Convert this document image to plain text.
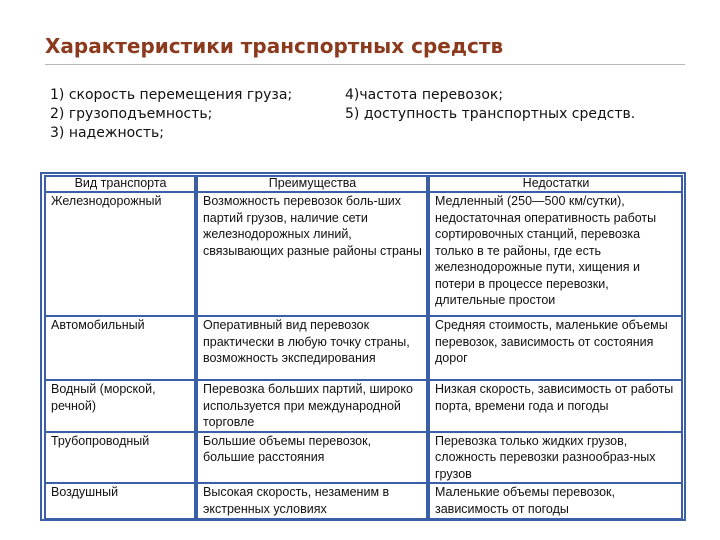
Характеристики транспортных средств
1) скорость перемещения груза;
2) грузоподъемность;
3) надежность;
4)частота перевозок;
5) доступность транспортных средств.
Вид транспорта	Преимущества	Недостатки
Железнодорожный	Возможность перевозок боль-ших партий грузов, наличие сети железнодорожных линий, связывающих разные районы страны	Медленный (250—500 км/сутки), недостаточная оперативность работы сортировочных станций, перевозка только в те районы, где есть железнодорожные пути, хищения и потери в процессе перевозки, длительные простои
Автомобильный	Оперативный вид перевозок практически в любую точку страны, возможность экспедирования	Средняя стоимость, маленькие объемы перевозок, зависимость от состояния дорог
Водный (морской, речной)	Перевозка больших партий, широко используется при международной торговле	Низкая скорость, зависимость от работы порта, времени года и погоды
Трубопроводный	Большие объемы перевозок, большие расстояния	Перевозка только жидких грузов, сложность перевозки разнообраз-ных грузов
Воздушный	Высокая скорость, незаменим в экстренных условиях	Маленькие объемы перевозок, зависимость от погоды
